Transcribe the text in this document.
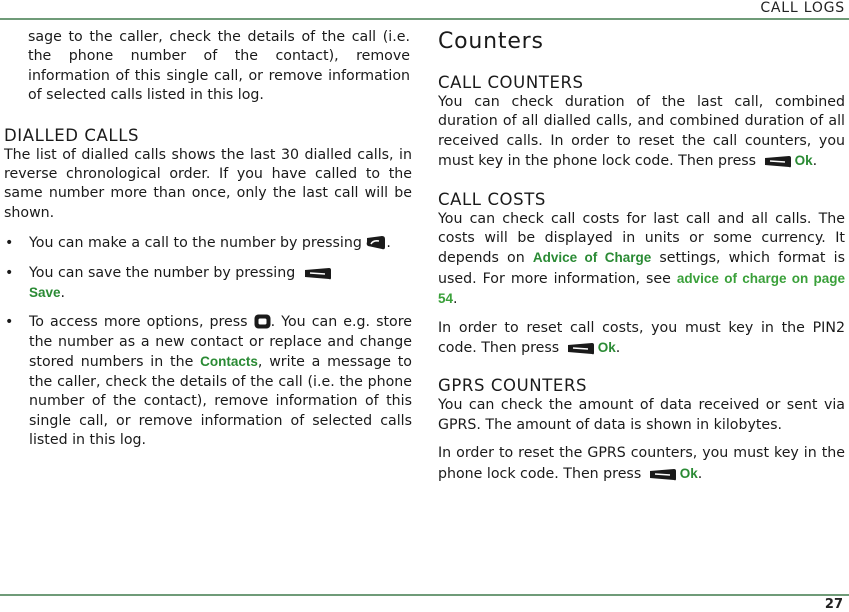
CALL LOGS

sage to the caller, check the details of the call (i.e. the phone number of the contact), remove information of this single call, or remove information of selected calls listed in this log.

DIALLED CALLS

The list of dialled calls shows the last 30 dialled calls, in reverse chronological order. If you have called to the same number more than once, only the last call will be shown.

• You can make a call to the number by pressing .
• You can save the number by pressing

Save.
• To access more options, press . You can e.g. store the number as a new contact or replace and change stored numbers in the Contacts, write a message to the caller, check the details of the call (i.e. the phone number of the contact), remove information of this single call, or remove information of selected calls listed in this log.
Counters
CALL COUNTERS

You can check duration of the last call, combined duration of all dialled calls, and combined duration of all received calls. In order to reset the call counters, you must key in the phone lock code. Then press	Ok.

CALL COSTS

You can check call costs for last call and all calls. The costs will be displayed in units or some currency. It depends on Advice of Charge settings, which format is used. For more information, see advice of charge on page 54.

In order to reset call costs, you must key in the PIN2 code. Then press	Ok.

GPRS COUNTERS

You can check the amount of data received or sent via GPRS. The amount of data is shown in kilobytes.

In order to reset the GPRS counters, you must key in the phone lock code. Then press	Ok.

27
